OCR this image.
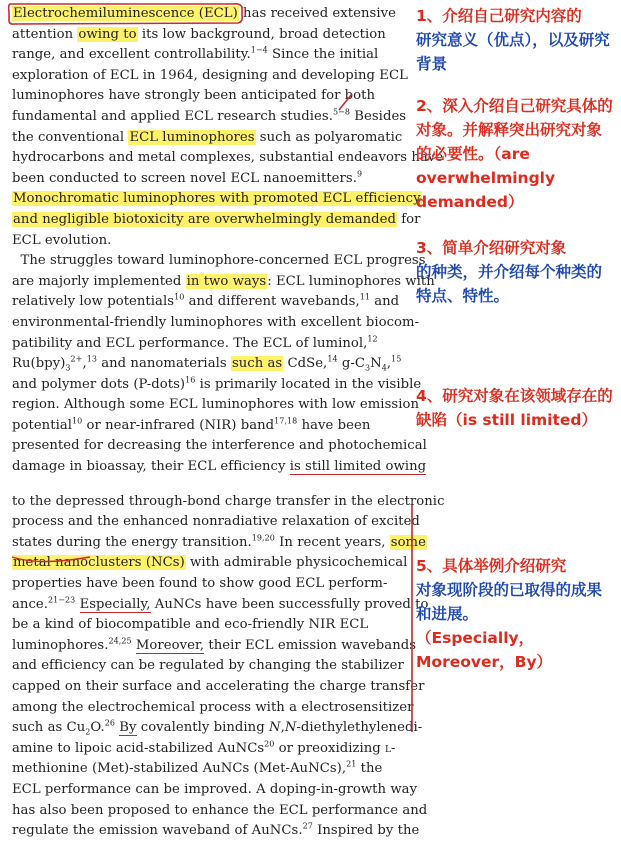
Electrochemiluminescence (ECL) has received extensive
attention owing to its low background, broad detection
range, and excellent controllability.$^{1-4}$ Since the initial
exploration of ECL in 1964, designing and developing ECL
luminophores have strongly been anticipated for both
fundamental and applied ECL research studies.$^{5-8}$ Besides
the conventional ECL luminophores such as polyaromatic
hydrocarbons and metal complexes, substantial endeavors have
been conducted to screen novel ECL nanoemitters.$^9$
Monochromatic luminophores with promoted ECL efficiency
and negligible biotoxicity are overwhelmingly demanded for
ECL evolution.
The struggles toward luminophore-concerned ECL progress
are majorly implemented in two ways: ECL luminophores with
relatively low potentials$^{10}$ and different wavebands,$^{11}$ and
environmental-friendly luminophores with excellent biocom-
patibility and ECL performance. The ECL of luminol,$^{12}$
$Ru(bpy)_3^{2+},^{13}$ and nanomaterials such as CdSe,$^{14}$ $g-C_3N_4,^{15}$
and polymer dots (P-dots)$^{16}$ is primarily located in the visible
region. Although some ECL luminophores with low emission
potential$^{10}$ or near-infrared (NIR) band$^{17,18}$ have been
presented for decreasing the interference and photochemical
damage in bioassay, their ECL efficiency is still limited owing
to the depressed through-bond charge transfer in the electronic
process and the enhanced nonradiative relaxation of excited
states during the energy transition.$^{19,20}$ In recent years, some
metal nanoclusters (NCs) with admirable physicochemical
properties have been found to show good ECL perform-
ance.$^{21-23}$ Especially, AuNCs have been successfully proved to
be a kind of biocompatible and eco-friendly NIR ECL
luminophores.$^{24,25}$ Moreover, their ECL emission wavebands
and efficiency can be regulated by changing the stabilizer
capped on their surface and accelerating the charge transfer
among the electrochemical process with a electrosensitizer
such as $Cu_2O.^{26}$ By covalently binding N,N-diethylethylenedi-
amine to lipoic acid-stabilized AuNCs$^{20}$ or preoxidizing L-
methionine (Met)-stabilized AuNCs (Met-AuNCs),$^{21}$ the
ECL performance can be improved. A doping-in-growth way
has also been proposed to enhance the ECL performance and
regulate the emission waveband of AuNCs.$^{27}$ Inspired by the
1、介绍自己研究内容的
研究意义（优点），以及研究背景
2、深入介绍自己研究具体的对象。并解释突出研究对象的必要性。（are overwhelmingly demanded）
3、简单介绍研究对象
的种类，并介绍每个种类的特点、特性。
4、研究对象在该领域存在的缺陷（is still limited）
5、具体举例介绍研究
对象现阶段的已取得的成果和进展。
（Especially，Moreover，By）
